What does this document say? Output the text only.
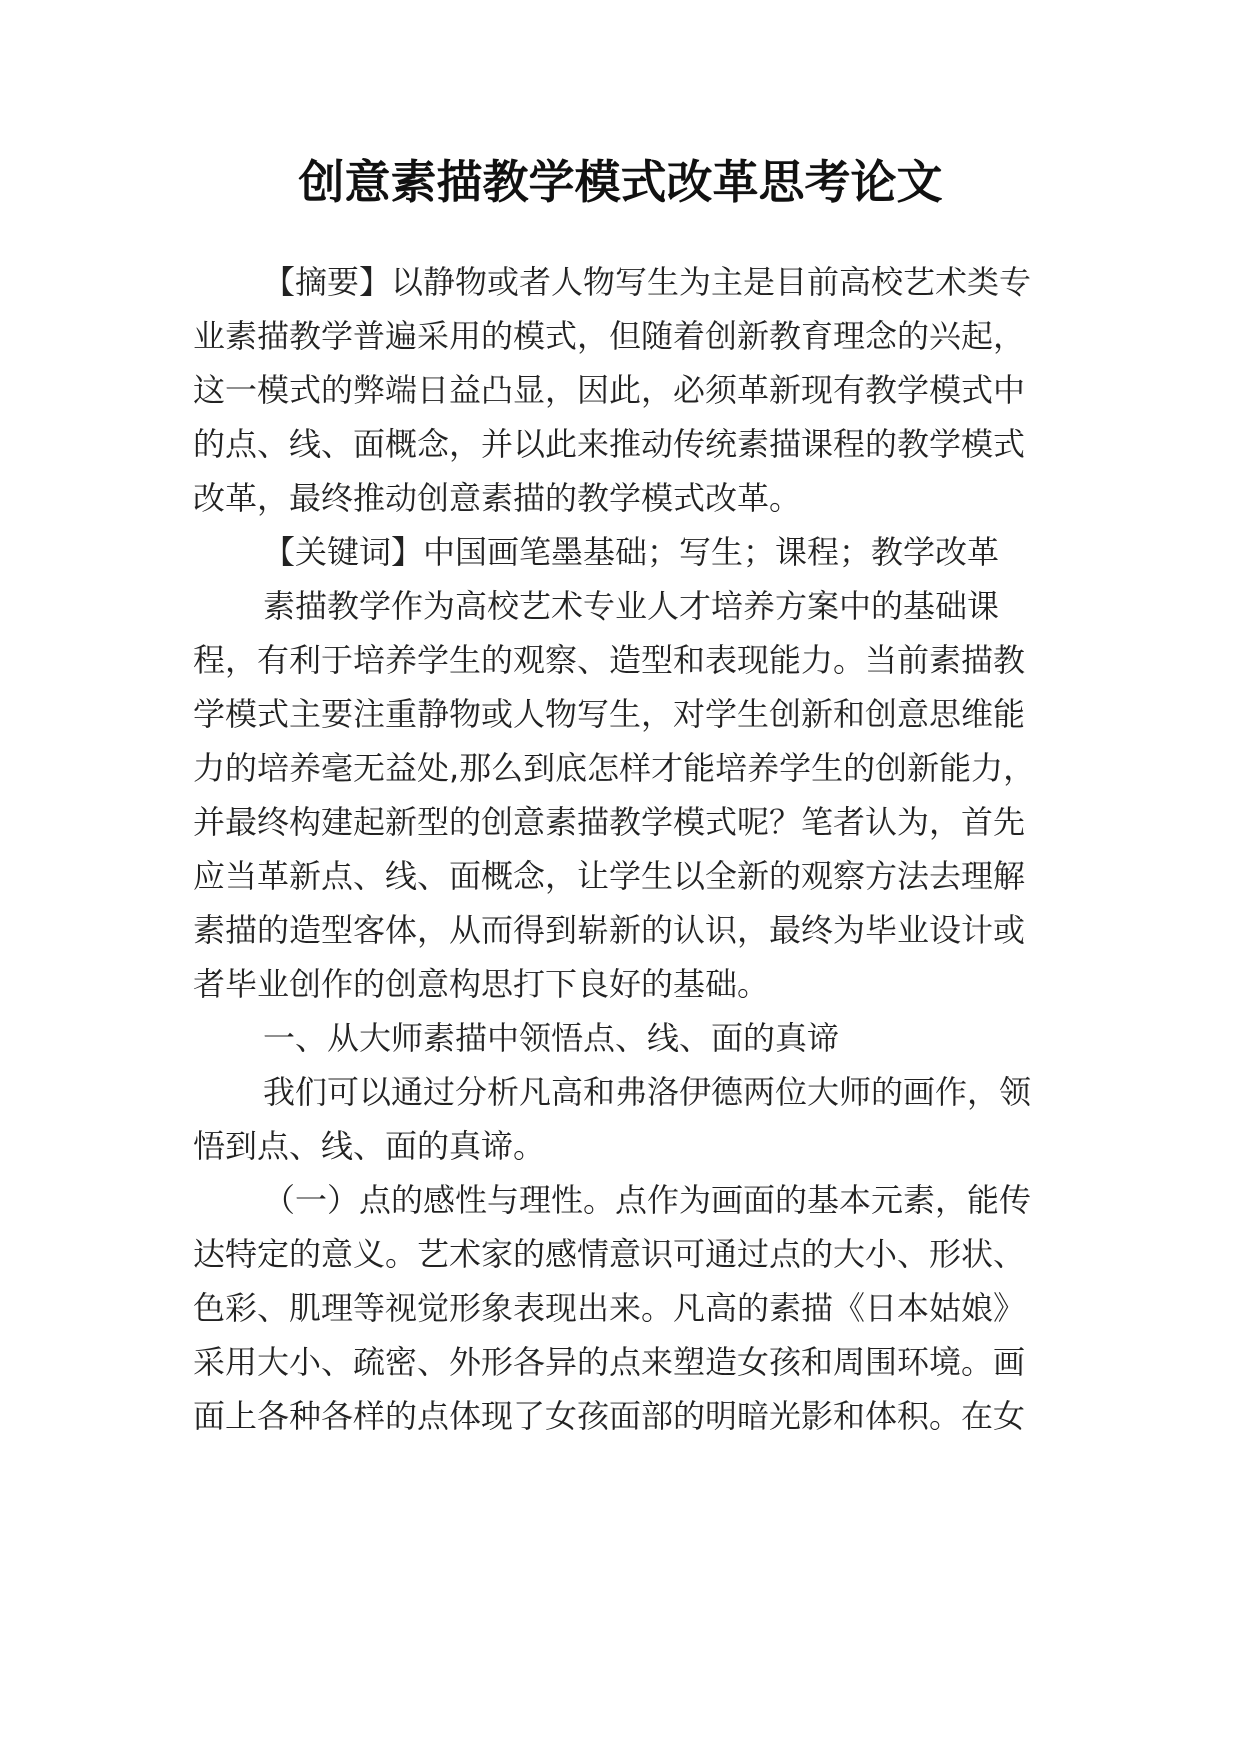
创意素描教学模式改革思考论文
【摘要】以静物或者人物写生为主是目前高校艺术类专
业素描教学普遍采用的模式，但随着创新教育理念的兴起，
这一模式的弊端日益凸显，因此，必须革新现有教学模式中
的点、线、面概念，并以此来推动传统素描课程的教学模式
改革，最终推动创意素描的教学模式改革。
【关键词】中国画笔墨基础；写生；课程；教学改革
素描教学作为高校艺术专业人才培养方案中的基础课
程，有利于培养学生的观察、造型和表现能力。当前素描教
学模式主要注重静物或人物写生，对学生创新和创意思维能
力的培养毫无益处,那么到底怎样才能培养学生的创新能力，
并最终构建起新型的创意素描教学模式呢？笔者认为，首先
应当革新点、线、面概念，让学生以全新的观察方法去理解
素描的造型客体，从而得到崭新的认识，最终为毕业设计或
者毕业创作的创意构思打下良好的基础。
一、从大师素描中领悟点、线、面的真谛
我们可以通过分析凡高和弗洛伊德两位大师的画作，领
悟到点、线、面的真谛。
（一）点的感性与理性。点作为画面的基本元素，能传
达特定的意义。艺术家的感情意识可通过点的大小、形状、
色彩、肌理等视觉形象表现出来。凡高的素描《日本姑娘》
采用大小、疏密、外形各异的点来塑造女孩和周围环境。画
面上各种各样的点体现了女孩面部的明暗光影和体积。在女
